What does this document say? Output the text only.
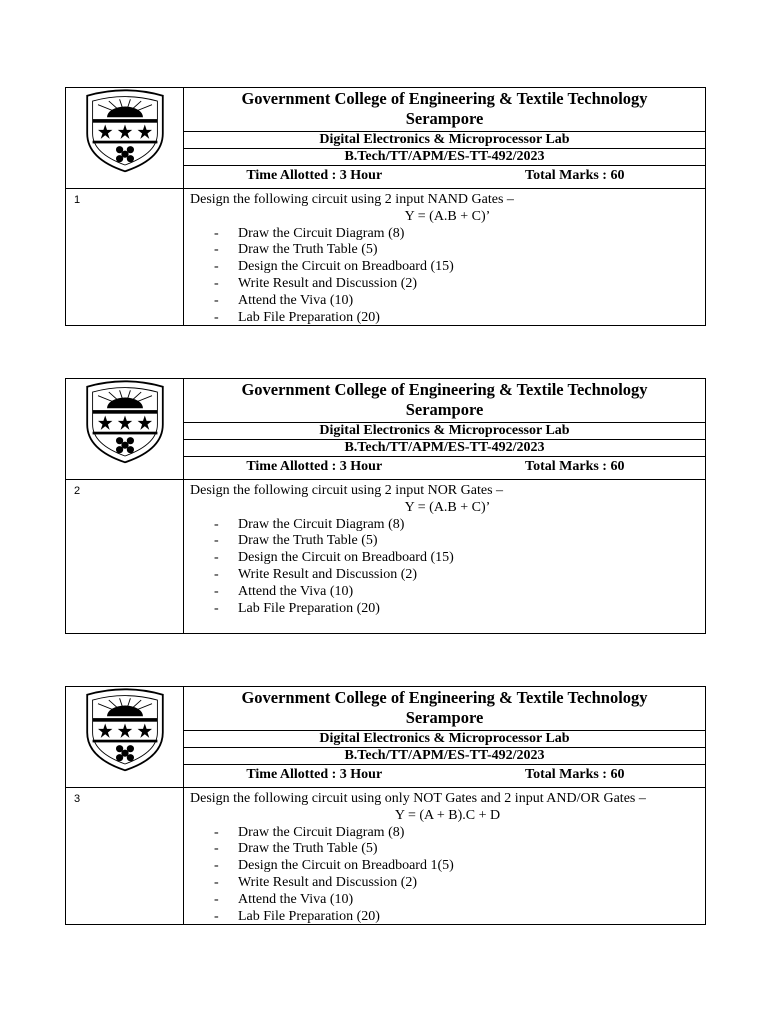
Government College of Engineering & Textile Technology
Serampore
Digital Electronics & Microprocessor Lab
B.Tech/TT/APM/ES-TT-492/2023
Time Allotted : 3 Hour	Total Marks : 60
1	Design the following circuit using 2 input NAND Gates –
Y = (A.B + C)’
- Draw the Circuit Diagram (8)
- Draw the Truth Table (5)
- Design the Circuit on Breadboard (15)
- Write Result and Discussion (2)
- Attend the Viva (10)
- Lab File Preparation (20)
Government College of Engineering & Textile Technology
Serampore
Digital Electronics & Microprocessor Lab
B.Tech/TT/APM/ES-TT-492/2023
Time Allotted : 3 Hour	Total Marks : 60
2	Design the following circuit using 2 input NOR Gates –
Y = (A.B + C)’
- Draw the Circuit Diagram (8)
- Draw the Truth Table (5)
- Design the Circuit on Breadboard (15)
- Write Result and Discussion (2)
- Attend the Viva (10)
- Lab File Preparation (20)
Government College of Engineering & Textile Technology
Serampore
Digital Electronics & Microprocessor Lab
B.Tech/TT/APM/ES-TT-492/2023
Time Allotted : 3 Hour	Total Marks : 60
3	Design the following circuit using only NOT Gates and 2 input AND/OR Gates –
Y = (A + B).C + D
- Draw the Circuit Diagram (8)
- Draw the Truth Table (5)
- Design the Circuit on Breadboard 1(5)
- Write Result and Discussion (2)
- Attend the Viva (10)
- Lab File Preparation (20)
